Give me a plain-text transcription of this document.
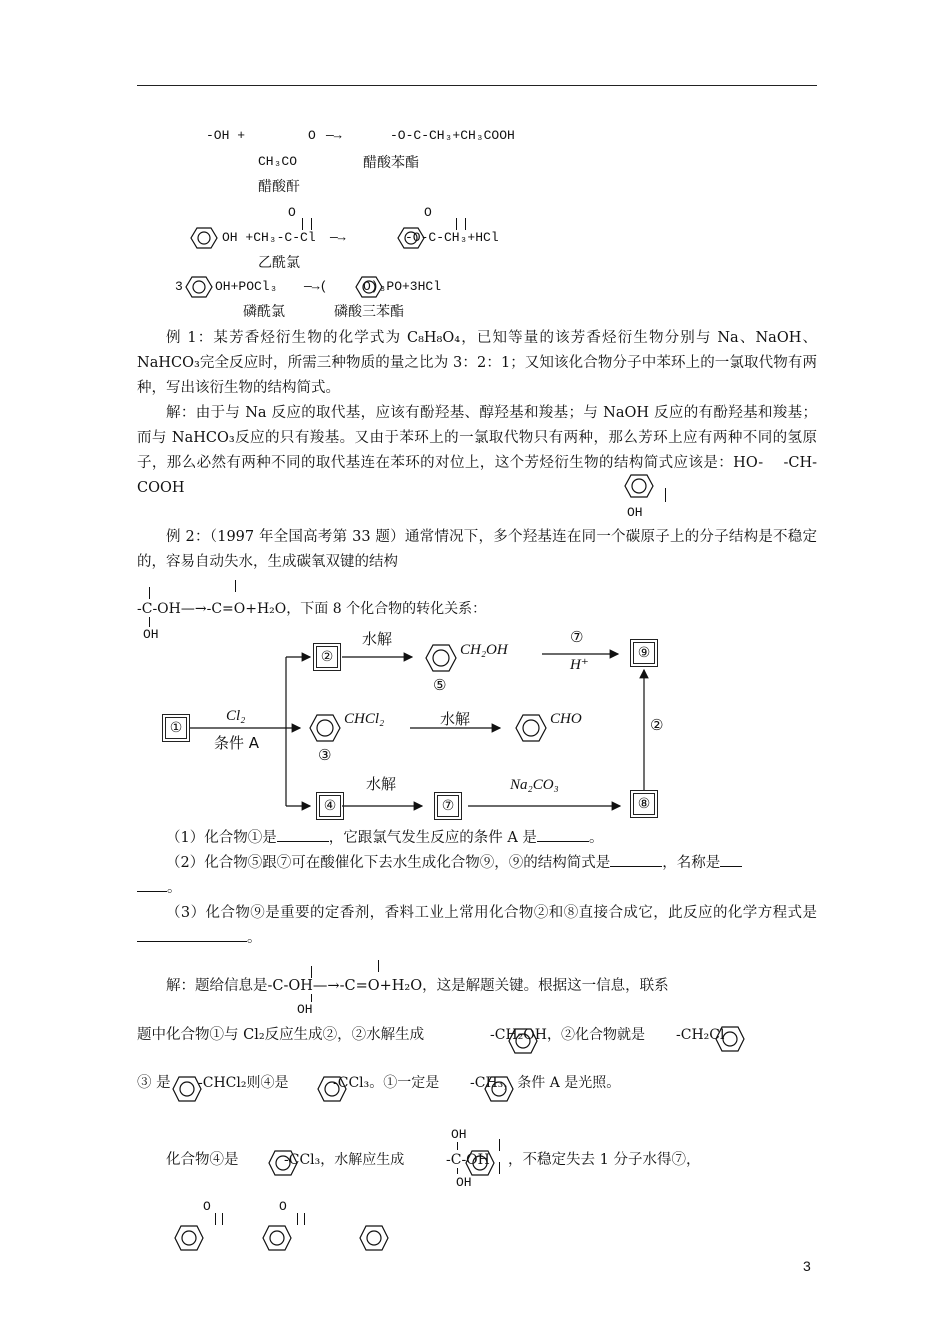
-OH +	O —→	-O-C-CH₃+CH₃COOH
CH₃CO	醋酸苯酯
醋酸酐
O	O
OH +CH₃-C-Cl —→	-O-C-CH₃+HCl
乙酰氯
3 OH+POCl₃ —→(	O)₃PO+3HCl
磷酰氯	磷酸三苯酯
例 1：某芳香烃衍生物的化学式为 C₈H₈O₄，已知等量的该芳香烃衍生物分别与 Na、NaOH、NaHCO₃完全反应时，所需三种物质的量之比为 3：2：1；又知该化合物分子中苯环上的一氯取代物有两种，写出该衍生物的结构简式。
解：由于与 Na 反应的取代基，应该有酚羟基、醇羟基和羧基；与 NaOH 反应的有酚羟基和羧基；而与 NaHCO₃反应的只有羧基。又由于苯环上的一氯取代物只有两种，那么芳环上应有两种不同的氢原子，那么必然有两种不同的取代基连在苯环的对位上，这个芳烃衍生物的结构简式应该是：HO-　 -CH-COOH
OH
例 2：（1997 年全国高考第 33 题）通常情况下，多个羟基连在同一个碳原子上的分子结构是不稳定的，容易自动失水，生成碳氧双键的结构
-C-OH—→-C=O+H₂O，下面 8 个化合物的转化关系：
OH
①
②
④	⑦	⑧
⑨
水解
CH₂OH
⑤
⑦
H⁺
Cl₂
条件 A
CHCl₂
③
水解	CHO	②
水解	Na₂CO₃
（1）化合物①是	，它跟氯气发生反应的条件 A 是	。
（2）化合物⑤跟⑦可在酸催化下去水生成化合物⑨，⑨的结构简式是	，名称是
。
（3）化合物⑨是重要的定香剂，香料工业上常用化合物②和⑧直接合成它，此反应的化学方程式是。
解：题给信息是-C-OH—→-C=O+H₂O，这是解题关键。根据这一信息，联系
OH
题中化合物①与 Cl₂反应生成②，②水解生成	-CH₂OH，②化合物就是 -CH₂Cl
③ 是 -CHCl₂则④是	-CCl₃。①一定是 -CH₃，条件 A 是光照。
OH
化合物④是	-CCl₃，水解应生成	-C-OH ，不稳定失去 1 分子水得⑦，
OH
O	O
3
